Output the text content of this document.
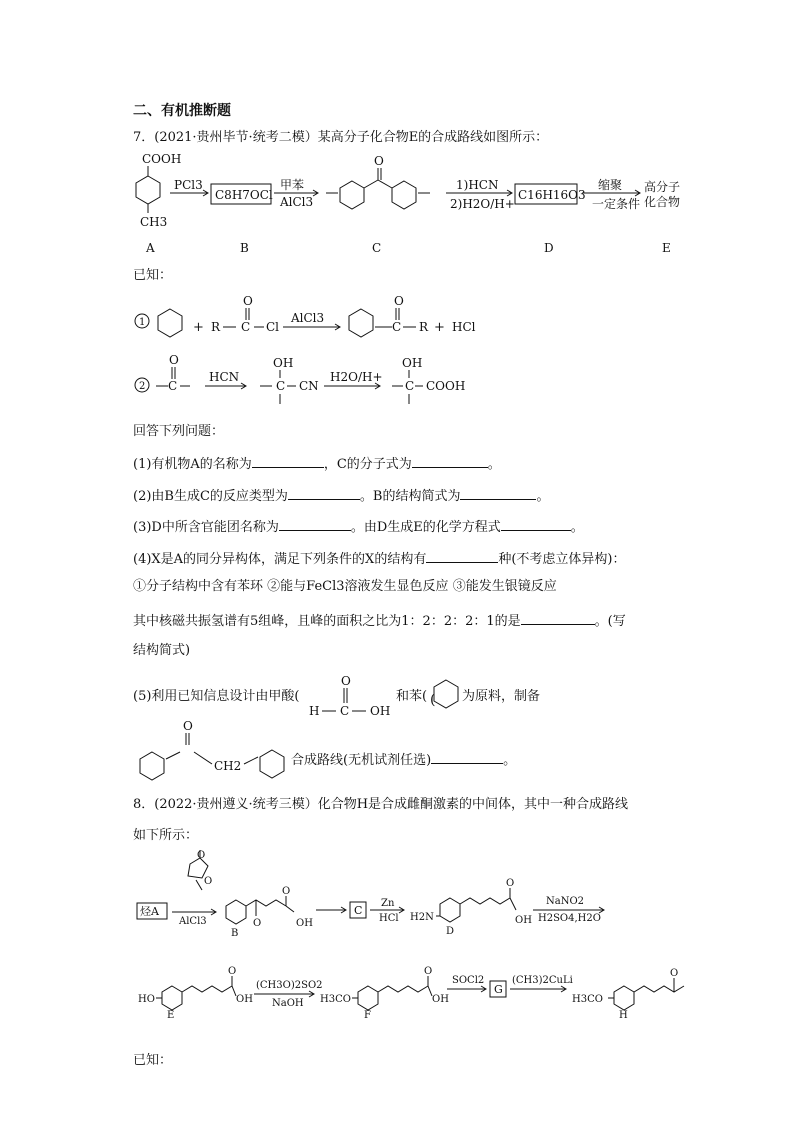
二、有机推断题
7．(2021·贵州毕节·统考二模）某高分子化合物E的合成路线如图所示：
COOH
CH3
PCl3
C8H7OCl
甲苯
AlCl3
O
1)HCN
2)H2O/H+
C16H16O3
缩聚
一定条件
高分子
化合物
A	B	C	D	E
+ R C
O
Cl
AlCl3
O
C R + HCl
O
C
HCN
OH
C CN
H2O/H+
OH
C COOH
1
2
已知：
回答下列问题：
(1)有机物A的名称为	，C的分子式为	。
(2)由B生成C的反应类型为	。B的结构简式为	。
(3)D中所含官能团名称为	。由D生成E的化学方程式	。
(4)X是A的同分异构体，满足下列条件的X的结构有	种(不考虑立体异构)：
①分子结构中含有苯环 ②能与FeCl3溶液发生显色反应 ③能发生银镜反应
其中核磁共振氢谱有5组峰，且峰的面积之比为1：2：2：2：1的是	。(写
结构简式)
(5)利用已知信息设计由甲酸(	和苯(	为原料，制备
H C
O
OH
O
CH2
(
合成路线(无机试剂任选)	。
8．(2022·贵州遵义·统考三模）化合物H是合成雌酮激素的中间体，其中一种合成路线
如下所示：
烃A
AlCl3
O
O
B
O
O
OH
C
Zn
HCl H2N
O
OH
D
NaNO2
H2SO4,H2O
HO
O
OH
E
(CH3O)2SO2
NaOH H3CO
O
OH
F
SOCl2
G
(CH3)2CuLi
H3CO
O
H
已知：
